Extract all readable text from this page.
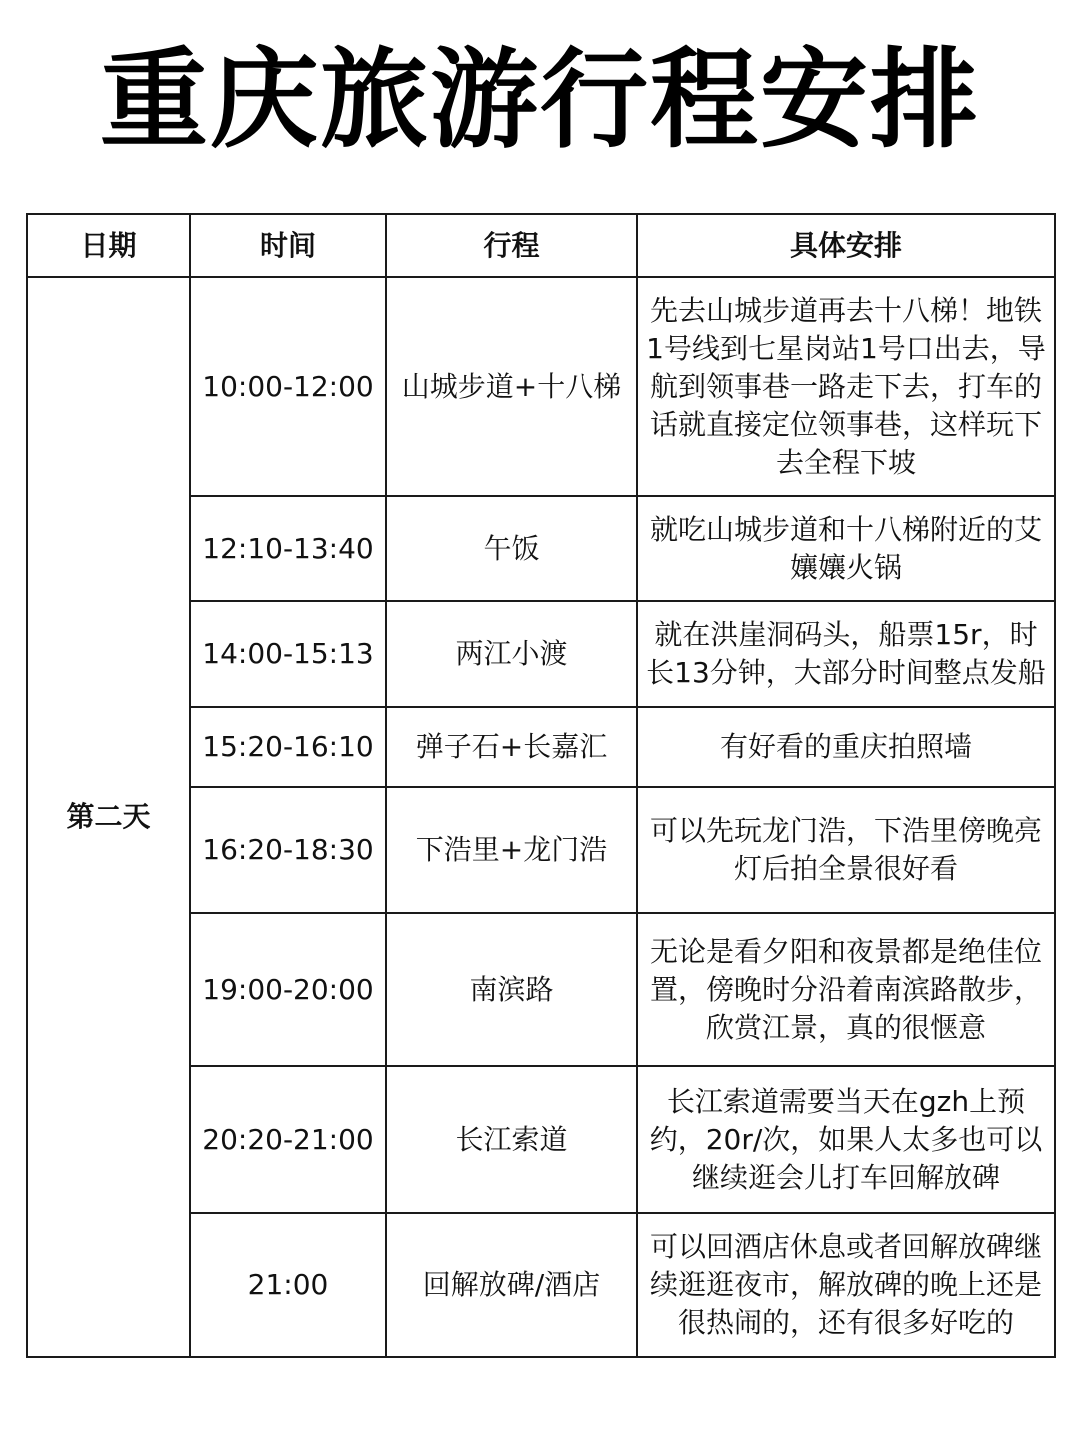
重庆旅游行程安排
日期	时间	行程	具体安排
第二天	10:00-12:00	山城步道+十八梯	先去山城步道再去十八梯！地铁1号线到七星岗站1号口出去，导航到领事巷一路走下去，打车的话就直接定位领事巷，这样玩下去全程下坡
	12:10-13:40	午饭	就吃山城步道和十八梯附近的艾孃孃火锅
	14:00-15:13	两江小渡	就在洪崖洞码头，船票15r，时长13分钟，大部分时间整点发船
	15:20-16:10	弹子石+长嘉汇	有好看的重庆拍照墙
	16:20-18:30	下浩里+龙门浩	可以先玩龙门浩，下浩里傍晚亮灯后拍全景很好看
	19:00-20:00	南滨路	无论是看夕阳和夜景都是绝佳位置，傍晚时分沿着南滨路散步，欣赏江景，真的很惬意
	20:20-21:00	长江索道	长江索道需要当天在gzh上预约，20r/次，如果人太多也可以继续逛会儿打车回解放碑
	21:00	回解放碑/酒店	可以回酒店休息或者回解放碑继续逛逛夜市，解放碑的晚上还是很热闹的，还有很多好吃的
